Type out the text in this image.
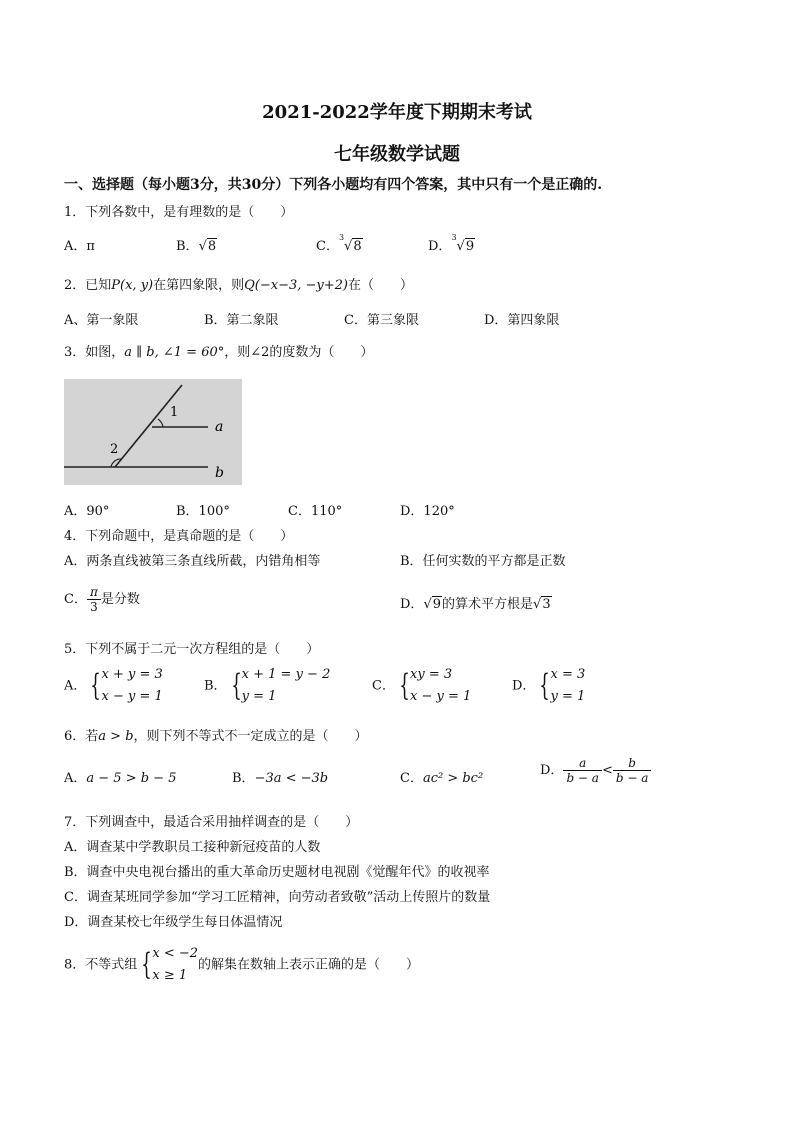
2021-2022学年度下期期末考试
七年级数学试题
一、选择题（每小题3分，共30分）下列各小题均有四个答案，其中只有一个是正确的.
1．下列各数中，是有理数的是（　　）
A．π	B．√8	C．$^3$√8	D．$^3$√9
2．已知P(x, y)在第四象限，则Q(−x−3, −y+2)在（　　）
A、第一象限	B．第二象限	C．第三象限	D．第四象限
3．如图，a ∥ b, ∠1 = 60°，则∠2的度数为（　　）
1
2
a
b
A．90°	B．100°	C．110°	D．120°
4．下列命题中，是真命题的是（　　）
A．两条直线被第三条直线所截，内错角相等	B．任何实数的平方都是正数
C． $\frac{\pi}{3}$ 是分数	D．√9的算术平方根是√3
5．下列不属于二元一次方程组的是（　　）
A． {x + y = 3
x − y = 1
B． {x + 1 = y − 2
y = 1
C． {xy = 3
x − y = 1
D． {x = 3
y = 1
6．若a > b，则下列不等式不一定成立的是（　　）
A．a − 5 > b − 5	B．−3a < −3b	C．ac² > bc²
D． $\frac{a}{b - a} < \frac{b}{b - a}$
7．下列调查中，最适合采用抽样调查的是（　　）
A．调查某中学教职员工接种新冠疫苗的人数
B．调查中央电视台播出的重大革命历史题材电视剧《觉醒年代》的收视率
C．调查某班同学参加“学习工匠精神，向劳动者致敬”活动上传照片的数量
D．调查某校七年级学生每日体温情况
8．不等式组 {x < −2
x ≥ 1的解集在数轴上表示正确的是（　　）
